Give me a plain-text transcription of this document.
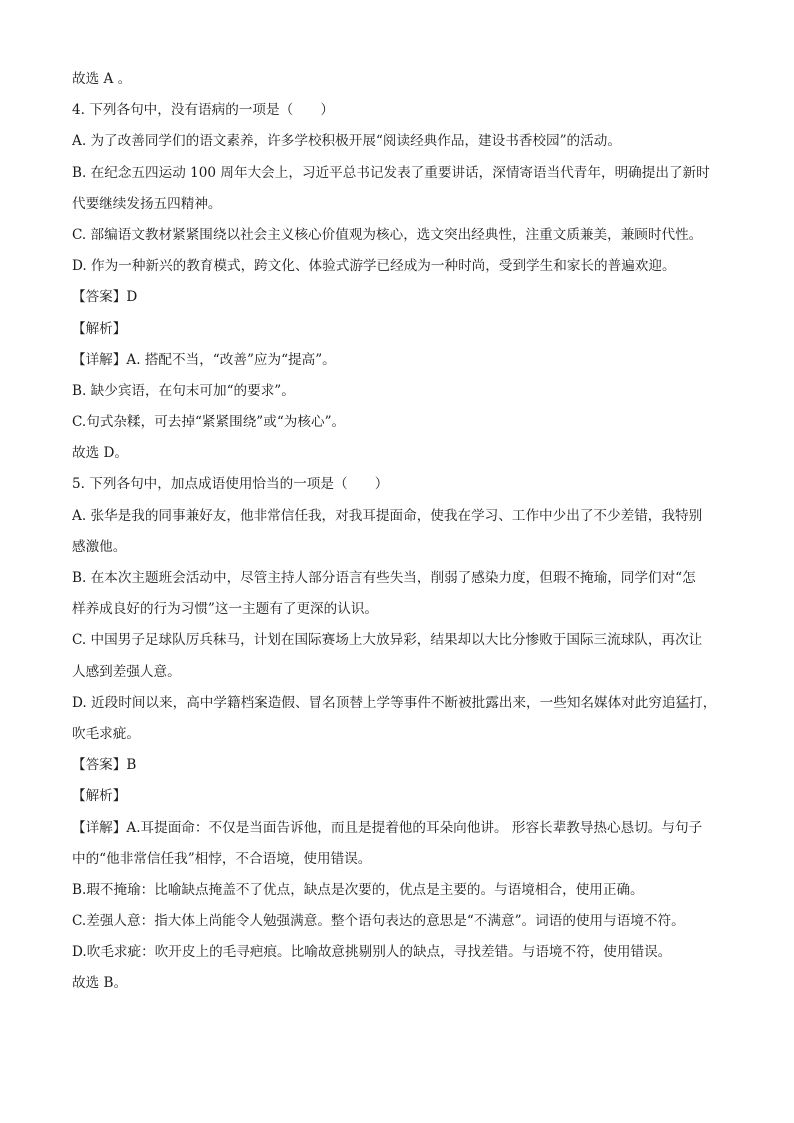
故选 A 。
4. 下列各句中，没有语病的一项是（　　）
A. 为了改善同学们的语文素养，许多学校积极开展“阅读经典作品，建设书香校园”的活动。
B. 在纪念五四运动 100 周年大会上，习近平总书记发表了重要讲话，深情寄语当代青年，明确提出了新时
代要继续发扬五四精神。
C. 部编语文教材紧紧围绕以社会主义核心价值观为核心，选文突出经典性，注重文质兼美，兼顾时代性。
D. 作为一种新兴的教育模式，跨文化、体验式游学已经成为一种时尚，受到学生和家长的普遍欢迎。
【答案】D
【解析】
【详解】A. 搭配不当，“改善”应为“提高”。
B. 缺少宾语，在句末可加“的要求”。
C.句式杂糅，可去掉“紧紧围绕”或“为核心”。
故选 D。
5. 下列各句中，加点成语使用恰当的一项是（　　）
A. 张华是我的同事兼好友，他非常信任我，对我耳提面命，使我在学习、工作中少出了不少差错，我特别
感激他。
B. 在本次主题班会活动中，尽管主持人部分语言有些失当，削弱了感染力度，但瑕不掩瑜，同学们对“怎
样养成良好的行为习惯”这一主题有了更深的认识。
C. 中国男子足球队厉兵秣马，计划在国际赛场上大放异彩，结果却以大比分惨败于国际三流球队，再次让
人感到差强人意。
D. 近段时间以来，高中学籍档案造假、冒名顶替上学等事件不断被批露出来，一些知名媒体对此穷追猛打，
吹毛求疵。
【答案】B
【解析】
【详解】A.耳提面命：不仅是当面告诉他，而且是提着他的耳朵向他讲。 形容长辈教导热心恳切。与句子
中的“他非常信任我”相悖，不合语境，使用错误。
B.瑕不掩瑜：比喻缺点掩盖不了优点，缺点是次要的，优点是主要的。与语境相合，使用正确。
C.差强人意：指大体上尚能令人勉强满意。整个语句表达的意思是“不满意”。词语的使用与语境不符。
D.吹毛求疵：吹开皮上的毛寻疤痕。比喻故意挑剔别人的缺点，寻找差错。与语境不符，使用错误。
故选 B。
